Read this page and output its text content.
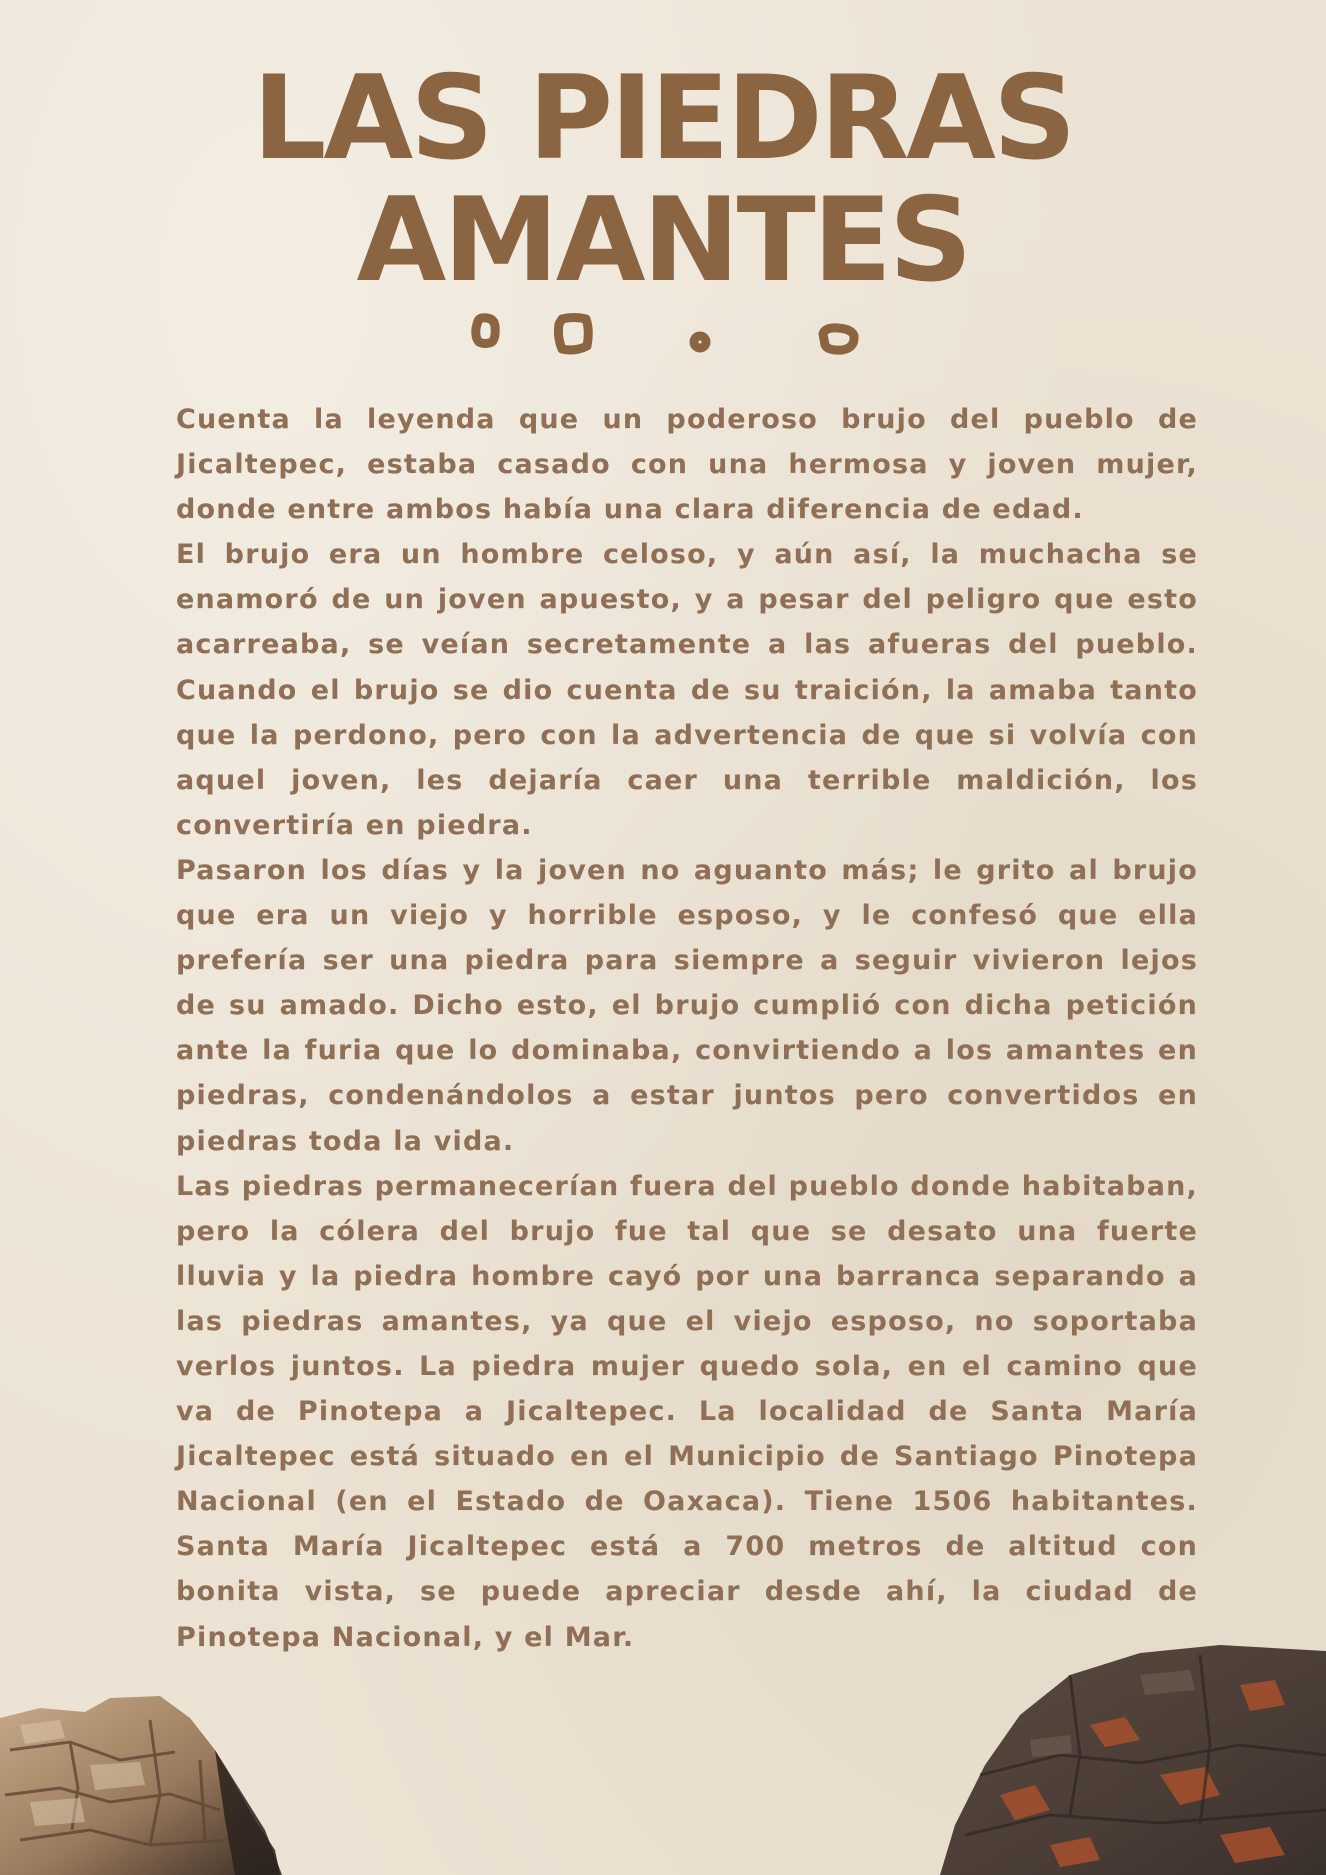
LAS PIEDRAS
AMANTES

Cuenta la leyenda que un poderoso brujo del pueblo de Jicaltepec, estaba casado con una hermosa y joven mujer, donde entre ambos había una clara diferencia de edad.

El brujo era un hombre celoso, y aún así, la muchacha se enamoró de un joven apuesto, y a pesar del peligro que esto acarreaba, se veían secretamente a las afueras del pueblo. Cuando el brujo se dio cuenta de su traición, la amaba tanto que la perdono, pero con la advertencia de que si volvía con aquel joven, les dejaría caer una terrible maldición, los convertiría en piedra.

Pasaron los días y la joven no aguanto más; le grito al brujo que era un viejo y horrible esposo, y le confesó que ella prefería ser una piedra para siempre a seguir vivieron lejos de su amado. Dicho esto, el brujo cumplió con dicha petición ante la furia que lo dominaba, convirtiendo a los amantes en piedras, condenándolos a estar juntos pero convertidos en piedras toda la vida.

Las piedras permanecerían fuera del pueblo donde habitaban, pero la cólera del brujo fue tal que se desato una fuerte lluvia y la piedra hombre cayó por una barranca separando a las piedras amantes, ya que el viejo esposo, no soportaba verlos juntos. La piedra mujer quedo sola, en el camino que va de Pinotepa a Jicaltepec. La localidad de Santa María Jicaltepec está situado en el Municipio de Santiago Pinotepa Nacional (en el Estado de Oaxaca). Tiene 1506 habitantes. Santa María Jicaltepec está a 700 metros de altitud con bonita vista, se puede apreciar desde ahí, la ciudad de Pinotepa Nacional, y el Mar.
